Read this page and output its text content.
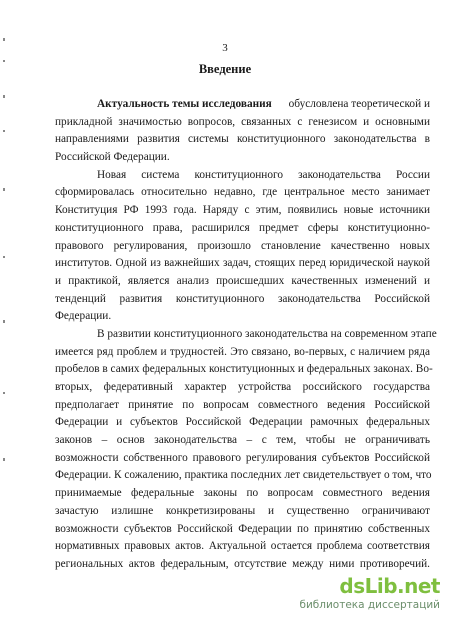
3
Введение
Актуальность темы исследования обусловлена теоретической и
прикладной значимостью вопросов, связанных с генезисом и основными
направлениями развития системы конституционного законодательства в
Российской Федерации.
Новая система конституционного законодательства России
сформировалась относительно недавно, где центральное место занимает
Конституция РФ 1993 года. Наряду с этим, появились новые источники
конституционного права, расширился предмет сферы конституционно-
правового регулирования, произошло становление качественно новых
институтов. Одной из важнейших задач, стоящих перед юридической наукой
и практикой, является анализ происшедших качественных изменений и
тенденций развития конституционного законодательства Российской
Федерации.
В развитии конституционного законодательства на современном этапе
имеется ряд проблем и трудностей. Это связано, во-первых, с наличием ряда
пробелов в самих федеральных конституционных и федеральных законах. Во-
вторых, федеративный характер устройства российского государства
предполагает принятие по вопросам совместного ведения Российской
Федерации и субъектов Российской Федерации рамочных федеральных
законов – основ законодательства – с тем, чтобы не ограничивать
возможности собственного правового регулирования субъектов Российской
Федерации. К сожалению, практика последних лет свидетельствует о том, что
принимаемые федеральные законы по вопросам совместного ведения
зачастую излишне конкретизированы и существенно ограничивают
возможности субъектов Российской Федерации по принятию собственных
нормативных правовых актов. Актуальной остается проблема соответствия
региональных актов федеральным, отсутствие между ними противоречий.
dsLib.net
библиотека диссертаций
